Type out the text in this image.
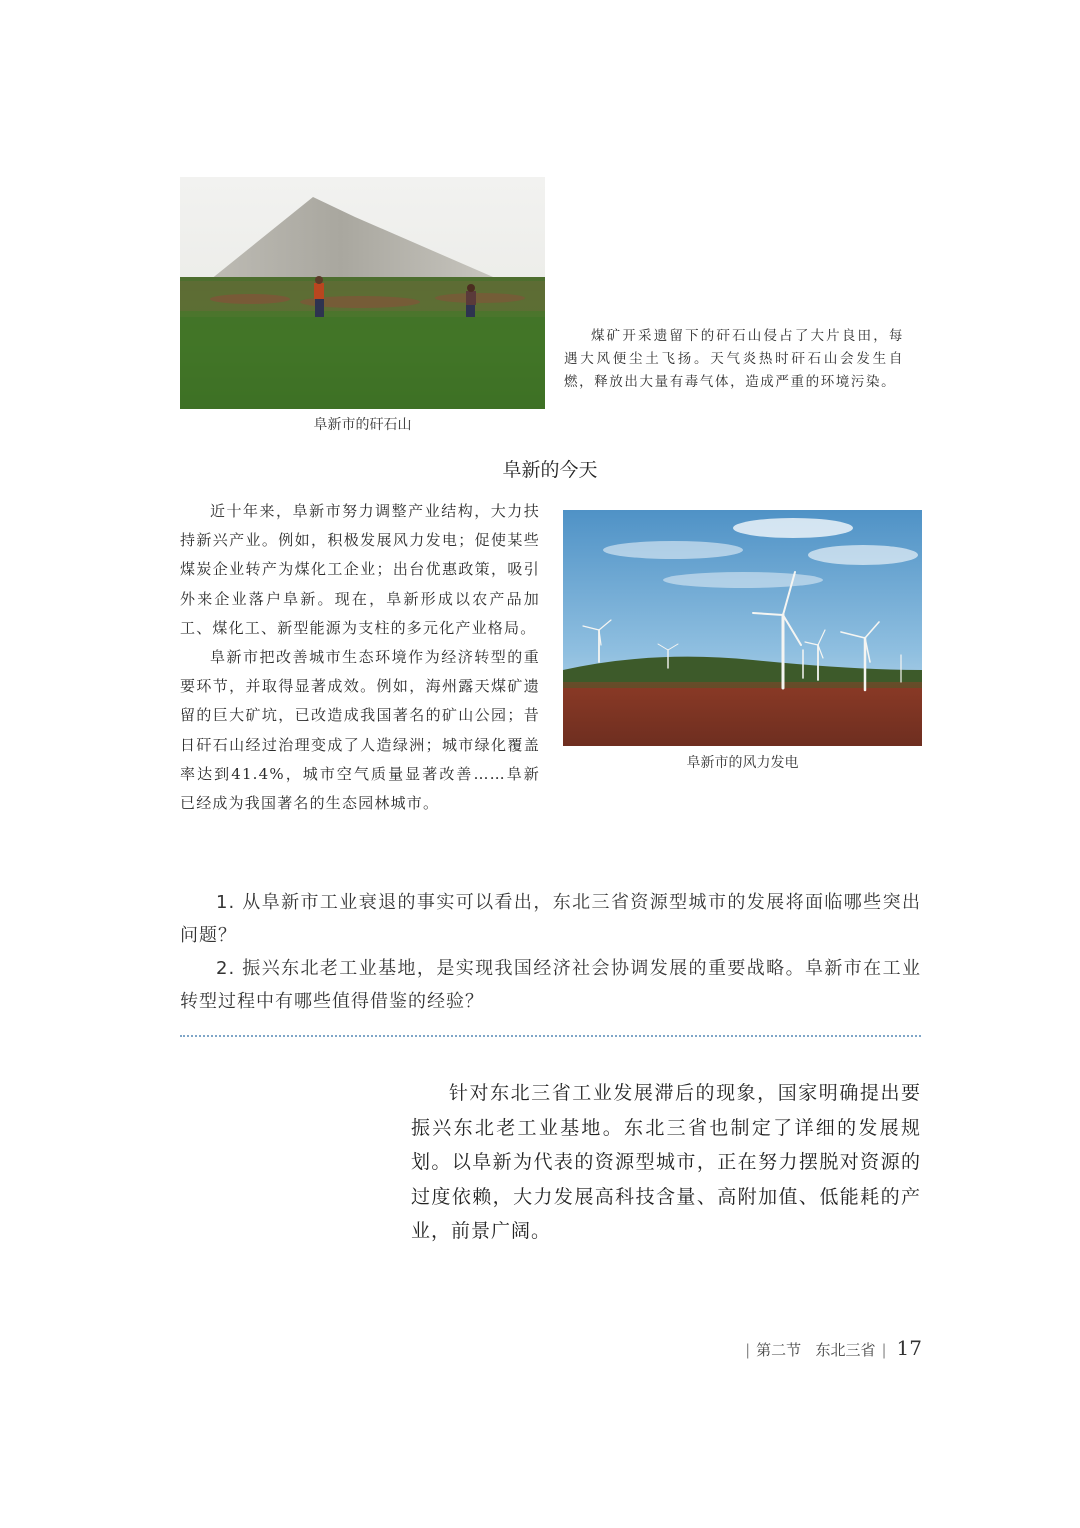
阜新市的矸石山

煤矿开采遗留下的矸石山侵占了大片良田，每遇大风便尘土飞扬。天气炎热时矸石山会发生自燃，释放出大量有毒气体，造成严重的环境污染。

阜新的今天

近十年来，阜新市努力调整产业结构，大力扶持新兴产业。例如，积极发展风力发电；促使某些煤炭企业转产为煤化工企业；出台优惠政策，吸引外来企业落户阜新。现在，阜新形成以农产品加工、煤化工、新型能源为支柱的多元化产业格局。

阜新市把改善城市生态环境作为经济转型的重要环节，并取得显著成效。例如，海州露天煤矿遗留的巨大矿坑，已改造成我国著名的矿山公园；昔日矸石山经过治理变成了人造绿洲；城市绿化覆盖率达到41.4%，城市空气质量显著改善……阜新已经成为我国著名的生态园林城市。

阜新市的风力发电

1. 从阜新市工业衰退的事实可以看出，东北三省资源型城市的发展将面临哪些突出问题？

2. 振兴东北老工业基地，是实现我国经济社会协调发展的重要战略。阜新市在工业转型过程中有哪些值得借鉴的经验？

针对东北三省工业发展滞后的现象，国家明确提出要振兴东北老工业基地。东北三省也制定了详细的发展规划。以阜新为代表的资源型城市，正在努力摆脱对资源的过度依赖，大力发展高科技含量、高附加值、低能耗的产业，前景广阔。

| 第二节 东北三省 | 17
